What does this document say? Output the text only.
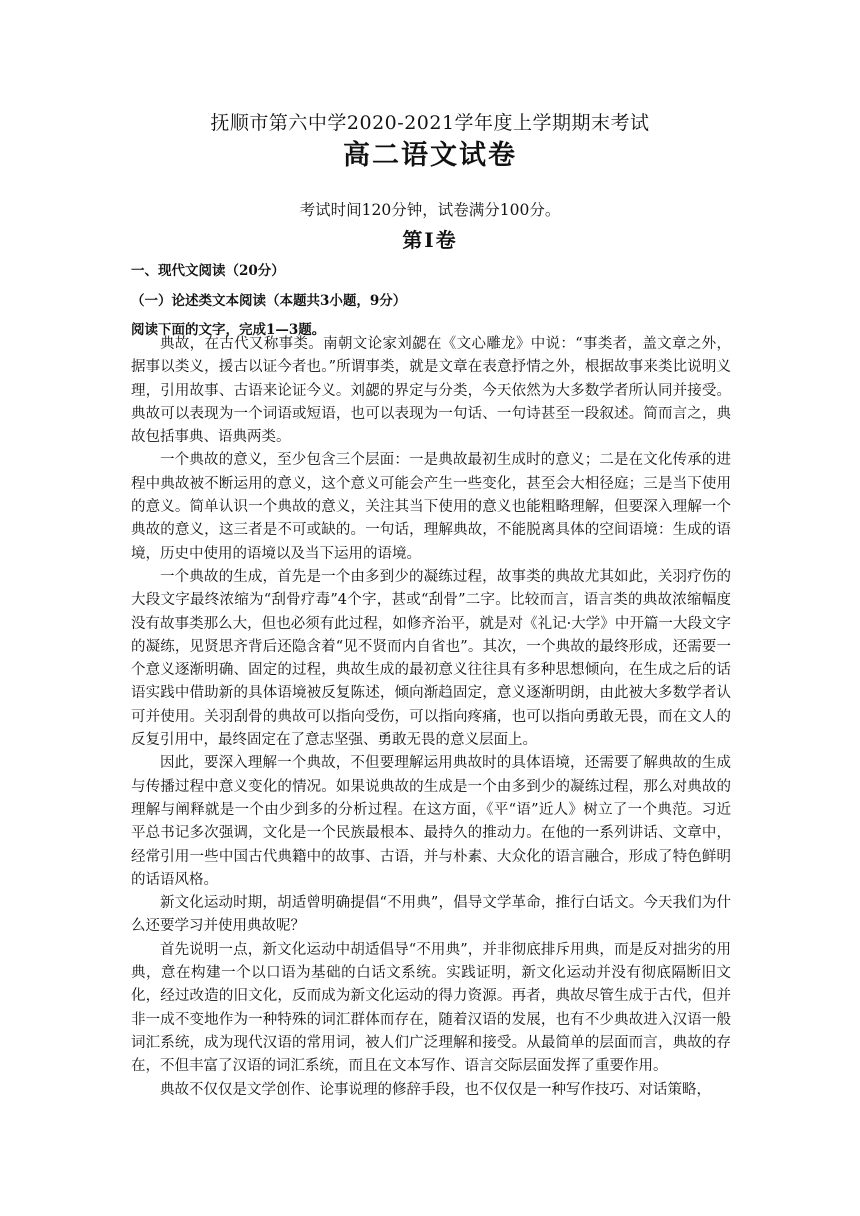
抚顺市第六中学2020-2021学年度上学期期末考试
高二语文试卷
考试时间120分钟，试卷满分100分。
第Ⅰ卷
一、现代文阅读（20分）
（一）论述类文本阅读（本题共3小题，9分）
阅读下面的文字，完成1—3题。

典故，在古代又称事类。南朝文论家刘勰在《文心雕龙》中说：“事类者，盖文章之外，据事以类义，援古以证今者也。”所谓事类，就是文章在表意抒情之外，根据故事来类比说明义理，引用故事、古语来论证今义。刘勰的界定与分类，今天依然为大多数学者所认同并接受。典故可以表现为一个词语或短语，也可以表现为一句话、一句诗甚至一段叙述。简而言之，典故包括事典、语典两类。

一个典故的意义，至少包含三个层面：一是典故最初生成时的意义；二是在文化传承的进程中典故被不断运用的意义，这个意义可能会产生一些变化，甚至会大相径庭；三是当下使用的意义。简单认识一个典故的意义，关注其当下使用的意义也能粗略理解，但要深入理解一个典故的意义，这三者是不可或缺的。一句话，理解典故，不能脱离具体的空间语境：生成的语境，历史中使用的语境以及当下运用的语境。

一个典故的生成，首先是一个由多到少的凝练过程，故事类的典故尤其如此，关羽疗伤的大段文字最终浓缩为“刮骨疗毒”4个字，甚或“刮骨”二字。比较而言，语言类的典故浓缩幅度没有故事类那么大，但也必须有此过程，如修齐治平，就是对《礼记·大学》中开篇一大段文字的凝练，见贤思齐背后还隐含着“见不贤而内自省也”。其次，一个典故的最终形成，还需要一个意义逐渐明确、固定的过程，典故生成的最初意义往往具有多种思想倾向，在生成之后的话语实践中借助新的具体语境被反复陈述，倾向渐趋固定，意义逐渐明朗，由此被大多数学者认可并使用。关羽刮骨的典故可以指向受伤，可以指向疼痛，也可以指向勇敢无畏，而在文人的反复引用中，最终固定在了意志坚强、勇敢无畏的意义层面上。

因此，要深入理解一个典故，不但要理解运用典故时的具体语境，还需要了解典故的生成与传播过程中意义变化的情况。如果说典故的生成是一个由多到少的凝练过程，那么对典故的理解与阐释就是一个由少到多的分析过程。在这方面，《平“语”近人》树立了一个典范。习近平总书记多次强调，文化是一个民族最根本、最持久的推动力。在他的一系列讲话、文章中，经常引用一些中国古代典籍中的故事、古语，并与朴素、大众化的语言融合，形成了特色鲜明的话语风格。

新文化运动时期，胡适曾明确提倡“不用典”，倡导文学革命，推行白话文。今天我们为什么还要学习并使用典故呢？

首先说明一点，新文化运动中胡适倡导“不用典”，并非彻底排斥用典，而是反对拙劣的用典，意在构建一个以口语为基础的白话文系统。实践证明，新文化运动并没有彻底隔断旧文化，经过改造的旧文化，反而成为新文化运动的得力资源。再者，典故尽管生成于古代，但并非一成不变地作为一种特殊的词汇群体而存在，随着汉语的发展，也有不少典故进入汉语一般词汇系统，成为现代汉语的常用词，被人们广泛理解和接受。从最简单的层面而言，典故的存在，不但丰富了汉语的词汇系统，而且在文本写作、语言交际层面发挥了重要作用。

典故不仅仅是文学创作、论事说理的修辞手段，也不仅仅是一种写作技巧、对话策略，
